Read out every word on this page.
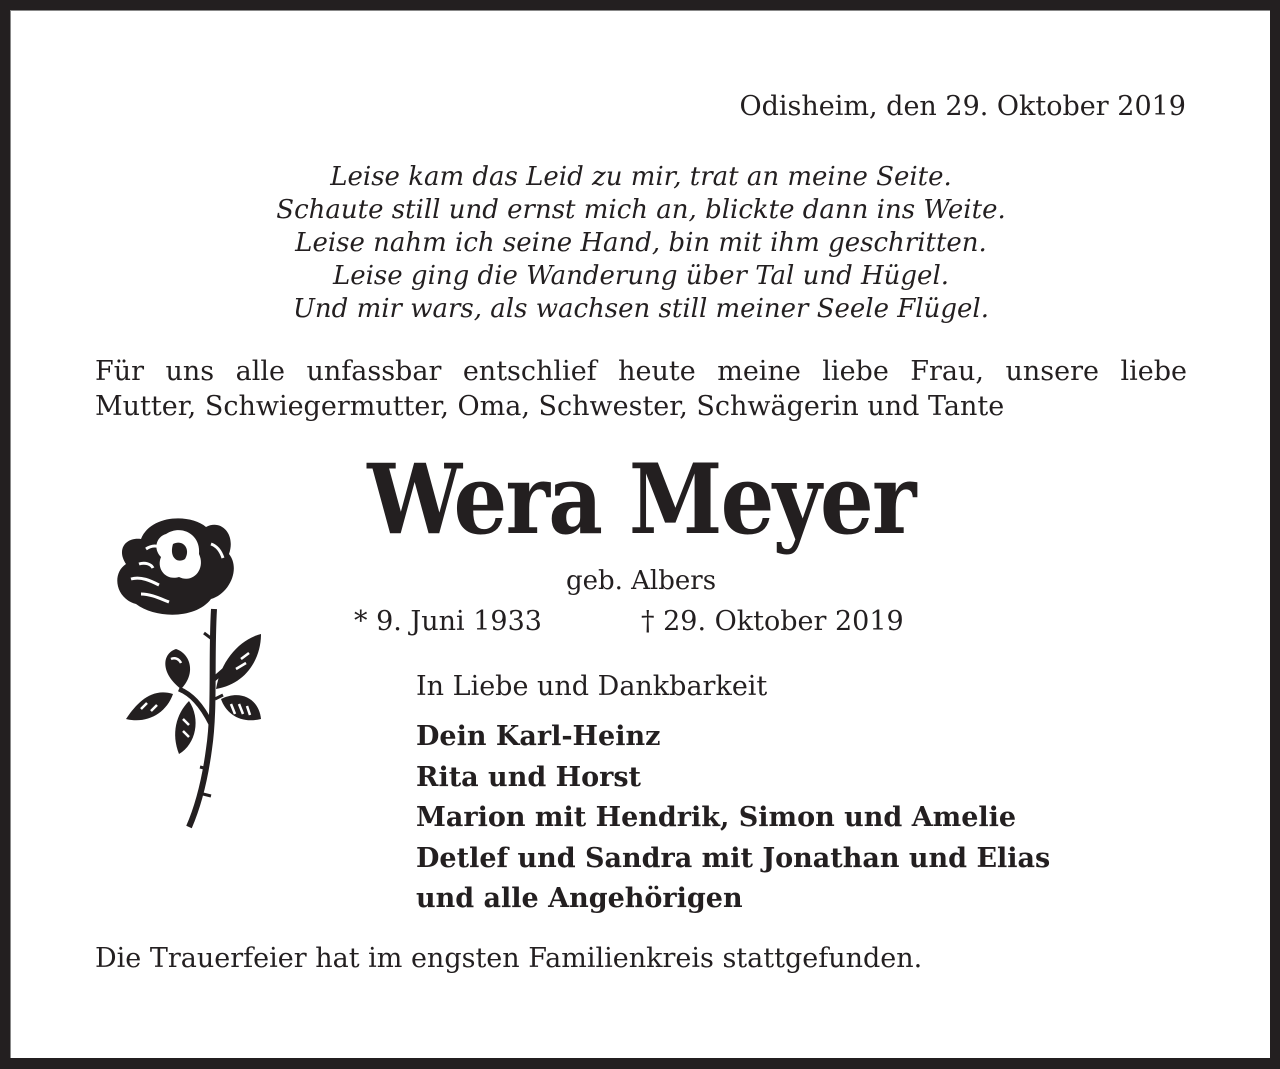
Odisheim, den 29. Oktober 2019
Leise kam das Leid zu mir, trat an meine Seite.
Schaute still und ernst mich an, blickte dann ins Weite.
Leise nahm ich seine Hand, bin mit ihm geschritten.
Leise ging die Wanderung über Tal und Hügel.
Und mir wars, als wachsen still meiner Seele Flügel.
Für uns alle unfassbar entschlief heute meine liebe Frau, unsere liebe
Mutter, Schwiegermutter, Oma, Schwester, Schwägerin und Tante
Wera Meyer
geb. Albers
* 9. Juni 1933	† 29. Oktober 2019
In Liebe und Dankbarkeit
Dein Karl-Heinz
Rita und Horst
Marion mit Hendrik, Simon und Amelie
Detlef und Sandra mit Jonathan und Elias
und alle Angehörigen
Die Trauerfeier hat im engsten Familienkreis stattgefunden.
